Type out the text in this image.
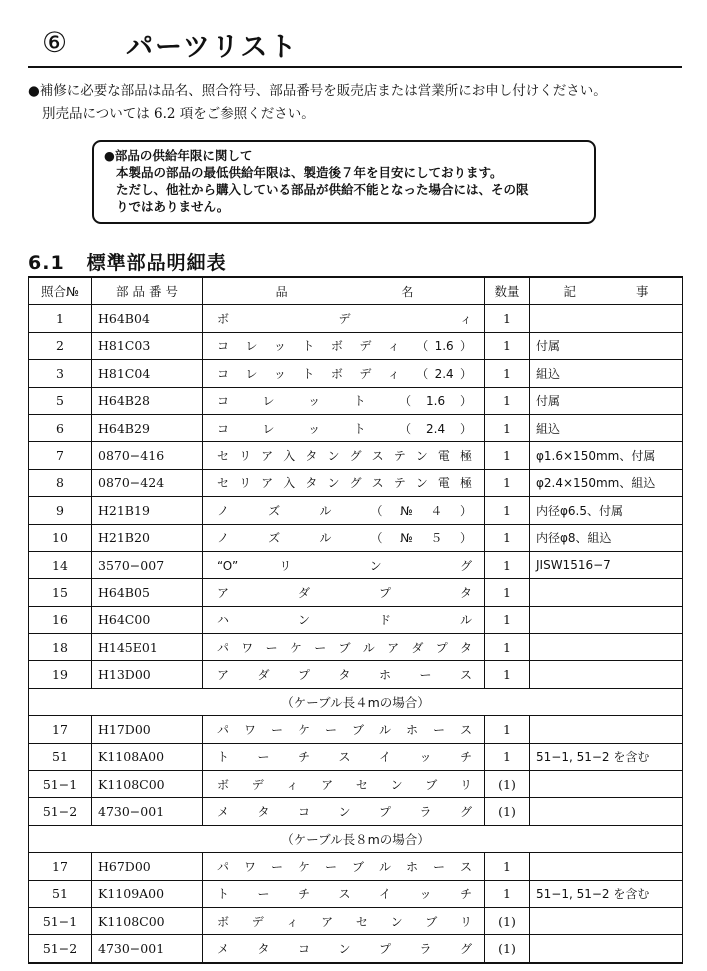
⑥ パーツリスト
●補修に必要な部品は品名、照合符号、部品番号を販売店または営業所にお申し付けください。
別売品については 6.2 項をご参照ください。
●部品の供給年限に関して
本製品の部品の最低供給年限は、製造後７年を目安にしております。
ただし、他社から購入している部品が供給不能となった場合には、その限
りではありません。
6.1 標準部品明細表
照合№	部 品 番 号	品 名	数量	記 事
1	H64B04	ボ デ ィ	1	
2	H81C03	コ レ ッ ト ボ デ ィ （1.6）	1	付属
3	H81C04	コ レ ッ ト ボ デ ィ （2.4）	1	組込
5	H64B28	コ レ ッ ト （1.6）	1	付属
6	H64B29	コ レ ッ ト （2.4）	1	組込
7	0870−416	セ リ ア 入 タ ン グ ス テ ン 電 極	1	φ1.6×150mm、付属
8	0870−424	セ リ ア 入 タ ン グ ス テ ン 電 極	1	φ2.4×150mm、組込
9	H21B19	ノ ズ ル （№４）	1	内径φ6.5、付属
10	H21B20	ノ ズ ル （№５）	1	内径φ8、組込
14	3570−007	“O” リ ン グ	1	JISW1516−7
15	H64B05	ア ダ プ タ	1	
16	H64C00	ハ ン ド ル	1	
18	H145E01	パ ワ ー ケ ー ブ ル ア ダ プ タ	1	
19	H13D00	ア ダ プ タ ホ ー ス	1	
（ケーブル長４mの場合）				
17	H17D00	パ ワ ー ケ ー ブ ル ホ ー ス	1	
51	K1108A00	ト ー チ ス イ ッ チ	1	51−1, 51−2 を含む
51−1	K1108C00	ボ デ ィ ア セ ン ブ リ	(1)	
51−2	4730−001	メ タ コ ン プ ラ グ	(1)	
（ケーブル長８mの場合）				
17	H67D00	パ ワ ー ケ ー ブ ル ホ ー ス	1	
51	K1109A00	ト ー チ ス イ ッ チ	1	51−1, 51−2 を含む
51−1	K1108C00	ボ デ ィ ア セ ン ブ リ	(1)	
51−2	4730−001	メ タ コ ン プ ラ グ	(1)	
